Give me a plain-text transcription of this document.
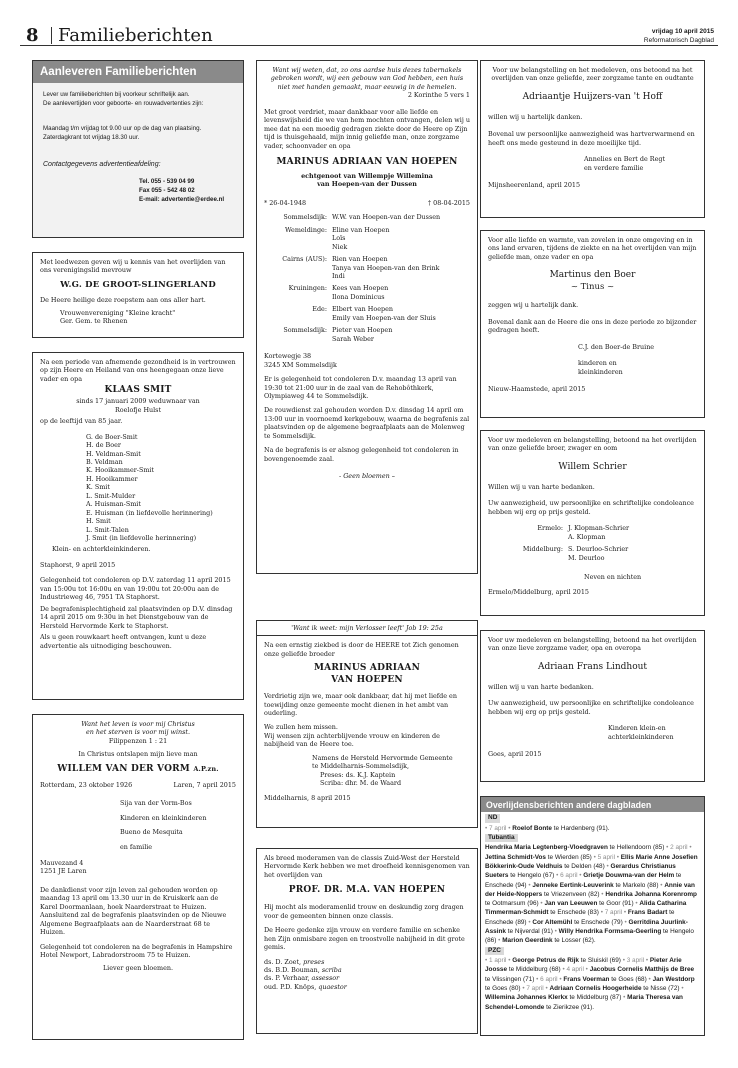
8 Familieberichten	vrijdag 10 april 2015
Reformatorisch Dagblad
Aanleveren Familieberichten
Lever uw familieberichten bij voorkeur schriftelijk aan.
De aanlevertijden voor geboorte- en rouwadvertenties zijn:
Maandag t/m vrijdag tot 9.00 uur op de dag van plaatsing.
Zaterdagkrant tot vrijdag 18.30 uur.
Contactgegevens advertentieafdeling:
Tel. 055 - 539 04 99
Fax 055 - 542 48 02
E-mail: advertentie@erdee.nl
Met leedwezen geven wij u kennis van het overlijden van ons verenigingslid mevrouw
W.G. DE GROOT-SLINGERLAND
De Heere heilige deze roepstem aan ons aller hart.
Vrouwenvereniging "Kleine kracht"
Ger. Gem. te Rhenen
Na een periode van afnemende gezondheid is in vertrouwen op zijn Heere en Heiland van ons heengegaan onze lieve vader en opa
KLAAS SMIT
sinds 17 januari 2009 weduwnaar van
Roelofje Hulst
op de leeftijd van 85 jaar.
G. de Boer-Smit
H. de Boer
H. Veldman-Smit
B. Veldman
K. Hooikammer-Smit
H. Hooikammer
K. Smit
L. Smit-Mulder
A. Huisman-Smit
E. Huisman (in liefdevolle herinnering)
H. Smit
L. Smit-Talen
J. Smit (in liefdevolle herinnering)
Klein- en achterkleinkinderen.
Staphorst, 9 april 2015

Gelegenheid tot condoleren op D.V. zaterdag 11 april 2015 van 15:00u tot 16:00u en van 19:00u tot 20:00u aan de Industrieweg 46, 7951 TA Staphorst.

De begrafenisplechtigheid zal plaatsvinden op D.V. dinsdag 14 april 2015 om 9:30u in het Dienstgebouw van de Hersteld Hervormde Kerk te Staphorst.

Als u geen rouwkaart heeft ontvangen, kunt u deze advertentie als uitnodiging beschouwen.

Want het leven is voor mij Christus
en het sterven is voor mij winst.
Filippenzen 1 : 21
In Christus ontslapen mijn lieve man
WILLEM VAN DER VORM A.P.zn.
Rotterdam, 23 oktober 1926	Laren, 7 april 2015
Sija van der Vorm-Bos
Kinderen en kleinkinderen
Bueno de Mesquita
en familie
Mauvezand 4
1251 JE Laren
De dankdienst voor zijn leven zal gehouden worden op maandag 13 april om 13.30 uur in de Kruiskerk aan de Karel Doormanlaan, hoek Naarderstraat te Huizen.

Aansluitend zal de begrafenis plaatsvinden op de Nieuwe Algemene Begraafplaats aan de Naarderstraat 68 te Huizen.

Gelegenheid tot condoleren na de begrafenis in Hampshire Hotel Newport, Labradorstroom 75 te Huizen.

Liever geen bloemen.
Want wij weten, dat, zo ons aardse huis dezes tabernakels gebroken wordt, wij een gebouw van God hebben, een huis niet met handen gemaakt, maar eeuwig in de hemelen.
2 Korinthe 5 vers 1
Met groot verdriet, maar dankbaar voor alle liefde en levenswijsheid die we van hem mochten ontvangen, delen wij u mee dat na een moedig gedragen ziekte door de Heere op Zijn tijd is thuisgehaald, mijn innig geliefde man, onze zorgzame vader, schoonvader en opa
MARINUS ADRIAAN VAN HOEPEN
echtgenoot van Willempje Willemina
van Hoepen-van der Dussen
* 26-04-1948	† 08-04-2015
Sommelsdijk: W.W. van Hoepen-van der Dussen
Wemeldinge: Eline van Hoepen
Loïs
Niek
Cairns (AUS): Rien van Hoepen
Tanya van Hoepen-van den Brink
Indi
Kruiningen: Kees van Hoepen
Ilona Dominicus
Ede: Elbert van Hoepen
Emily van Hoepen-van der Sluis
Sommelsdijk: Pieter van Hoepen
Sarah Weber
Kortewegje 38
3245 XM Sommelsdijk

Er is gelegenheid tot condoleren D.v. maandag 13 april van 19:30 tot 21:00 uur in de zaal van de Rehobôthkerk, Olympiaweg 44 te Sommelsdijk.

De rouwdienst zal gehouden worden D.v. dinsdag 14 april om 13:00 uur in voornoemd kerkgebouw, waarna de begrafenis zal plaatsvinden op de algemene begraafplaats aan de Molenweg te Sommelsdijk.

Na de begrafenis is er alsnog gelegenheid tot condoleren in bovengenoemde zaal.

- Geen bloemen –
'Want ik weet: mijn Verlosser leeft' Job 19: 25a
Na een ernstig ziekbed is door de HEERE tot Zich genomen onze geliefde broeder
MARINUS ADRIAAN
VAN HOEPEN

Verdrietig zijn we, maar ook dankbaar, dat hij met liefde en toewijding onze gemeente mocht dienen in het ambt van ouderling.

We zullen hem missen.

Wij wensen zijn achterblijvende vrouw en kinderen de nabijheid van de Heere toe.

Namens de Hersteld Hervormde Gemeente
te Middelharnis-Sommelsdijk,
Preses: ds. K.J. Kaptein
Scriba: dhr. M. de Waard
Middelharnis, 8 april 2015
Als breed moderamen van de classis Zuid-West der Hersteld Hervormde Kerk hebben we met droefheid kennisgenomen van het overlijden van
PROF. DR. M.A. VAN HOEPEN

Hij mocht als moderamenlid trouw en deskundig zorg dragen voor de gemeenten binnen onze classis.

De Heere gedenke zijn vrouw en verdere familie en schenke hen Zijn onmisbare zegen en troostvolle nabijheid in dit grote gemis.

ds. D. Zoet, preses
ds. B.D. Bouman, scriba
ds. P. Verhaar, assessor
oud. P.D. Knöps, quaestor
Voor uw belangstelling en het medeleven, ons betoond na het overlijden van onze geliefde, zeer zorgzame tante en oudtante
Adriaantje Huijzers-van 't Hoff
willen wij u hartelijk danken.
Bovenal uw persoonlijke aanwezigheid was hartverwarmend en heeft ons mede gesteund in deze moeilijke tijd.
Annelies en Bert de Regt
en verdere familie
Mijnsheerenland, april 2015
Voor alle liefde en warmte, van zovelen in onze omgeving en in ons land ervaren, tijdens de ziekte en na het overlijden van mijn geliefde man, onze vader en opa
Martinus den Boer
~ Tinus ~
zeggen wij u hartelijk dank.
Bovenal dank aan de Heere die ons in deze periode zo bijzonder gedragen heeft.
C.J. den Boer-de Bruine
kinderen en
kleinkinderen
Nieuw-Haamstede, april 2015
Voor uw medeleven en belangstelling, betoond na het overlijden van onze geliefde broer, zwager en oom
Willem Schrier
Willen wij u van harte bedanken.
Uw aanwezigheid, uw persoonlijke en schriftelijke condoleance hebben wij erg op prijs gesteld.
Ermelo: J. Klopman-Schrier
A. Klopman
Middelburg: S. Deurloo-Schrier
M. Deurloo
Neven en nichten
Ermelo/Middelburg, april 2015
Voor uw medeleven en belangstelling, betoond na het overlijden van onze lieve zorgzame vader, opa en overopa
Adriaan Frans Lindhout
willen wij u van harte bedanken.
Uw aanwezigheid, uw persoonlijke en schriftelijke condoleance hebben wij erg op prijs gesteld.
Kinderen klein-en
achterkleinkinderen
Goes, april 2015
Overlijdensberichten andere dagbladen
ND
• 7 april • Roelof Bonte te Hardenberg (91).
Tubantia
Hendrika Maria Legtenberg-Vloedgraven te Hellendoorn (85) • 2 april • Jettina Schmidt-Vos te Wierden (85) • 5 april • Ellis Marie Anne Josefien Bökkerink-Oude Veldhuis te Delden (48) • Gerardus Christianus Sueters te Hengelo (67) • 6 april • Grietje Douwma-van der Helm te Enschede (94) • Jenneke Eertink-Leuverink te Markelo (88) • Annie van der Heide-Noppers te Vriezenveen (82) • Hendrika Johanna Korenromp te Ootmarsum (96) • Jan van Leeuwen te Goor (91) • Alida Catharina Timmerman-Schmidt te Enschede (83) • 7 april • Frans Badart te Enschede (89) • Cor Altemühl te Enschede (79) • Gerritdina Juurlink-Assink te Nijverdal (91) • Willy Hendrika Formsma-Geerling te Hengelo (86) • Marion Geerdink te Losser (62).
PZC
• 1 april • George Petrus de Rijk te Sluiskil (69) • 3 april • Pieter Arie Joosse te Middelburg (68) • 4 april • Jacobus Cornelis Matthijs de Bree te Vlissingen (71) • 6 april • Frans Voerman te Goes (68) • Jan Westdorp te Goes (80) • 7 april • Adriaan Cornelis Hoogerheide te Nisse (72) • Willemina Johannes Klerkx te Middelburg (87) • Maria Theresa van Schendel-Lomonde te Zierikzee (91).
